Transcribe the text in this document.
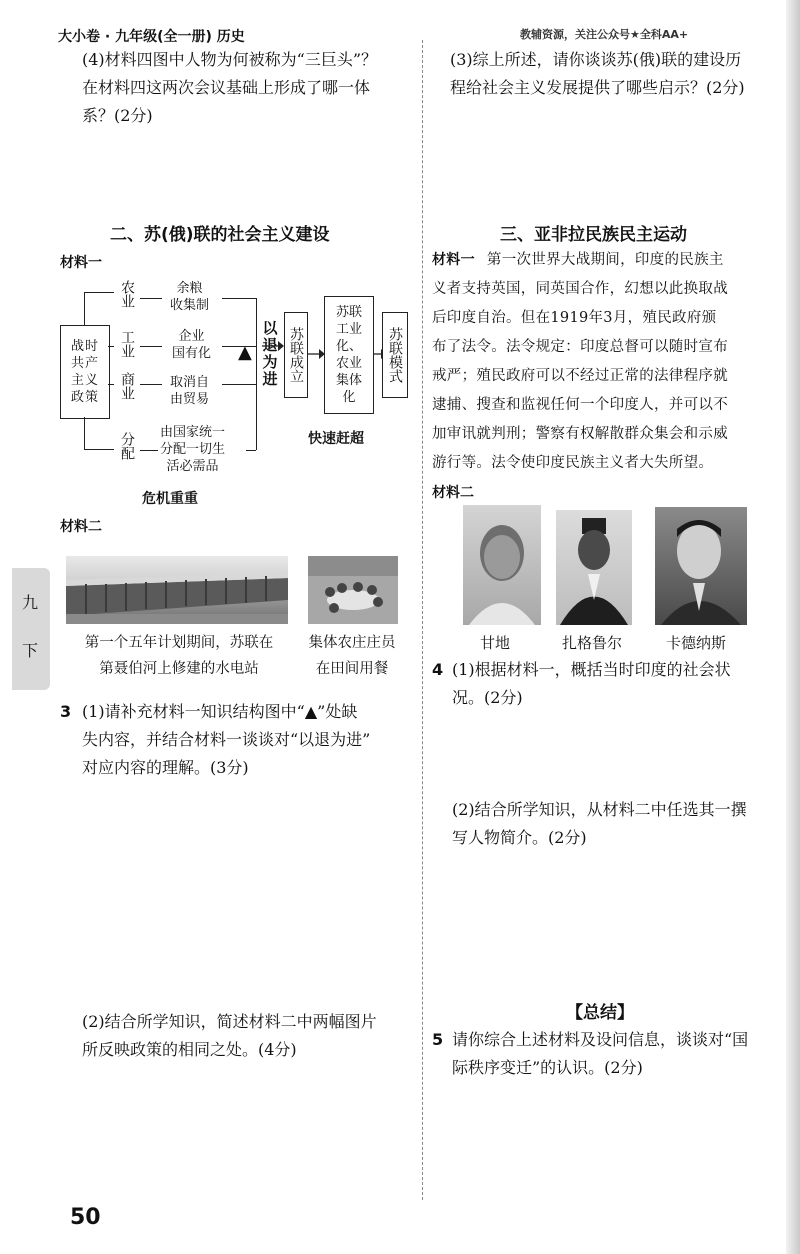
大小卷 · 九年级(全一册) 历史	教辅资源，关注公众号★全科AA+
(4)材料四图中人物为何被称为“三巨头”？
在材料四这两次会议基础上形成了哪一体
系？(2分)
二、苏(俄)联的社会主义建设
材料一
战时共产主义政策
农业
工业
商业
分配
余粮
收集制
企业
国有化
取消自
由贸易
由国家统一
分配一切生
活必需品
▲
以退为进 苏联成立
苏联工业化、农业集体化
苏联模式
快速赶超
危机重重
材料二
第一个五年计划期间，苏联在
第聂伯河上修建的水电站
集体农庄庄员
在田间用餐
3 (1)请补充材料一知识结构图中“▲”处缺
失内容，并结合材料一谈谈对“以退为进”
对应内容的理解。(3分)
(2)结合所学知识，简述材料二中两幅图片
所反映政策的相同之处。(4分)
九
下
(3)综上所述，请你谈谈苏(俄)联的建设历
程给社会主义发展提供了哪些启示？(2分)
三、亚非拉民族民主运动
材料一 第一次世界大战期间，印度的民族主
义者支持英国，同英国合作，幻想以此换取战
后印度自治。但在1919年3月，殖民政府颁
布了法令。法令规定：印度总督可以随时宣布
戒严；殖民政府可以不经过正常的法律程序就
逮捕、搜查和监视任何一个印度人，并可以不
加审讯就判刑；警察有权解散群众集会和示威
游行等。法令使印度民族主义者大失所望。
材料二
甘地	扎格鲁尔	卡德纳斯
4 (1)根据材料一，概括当时印度的社会状
况。(2分)
(2)结合所学知识，从材料二中任选其一撰
写人物简介。(2分)
【总结】
5 请你综合上述材料及设问信息，谈谈对“国
际秩序变迁”的认识。(2分)
50
